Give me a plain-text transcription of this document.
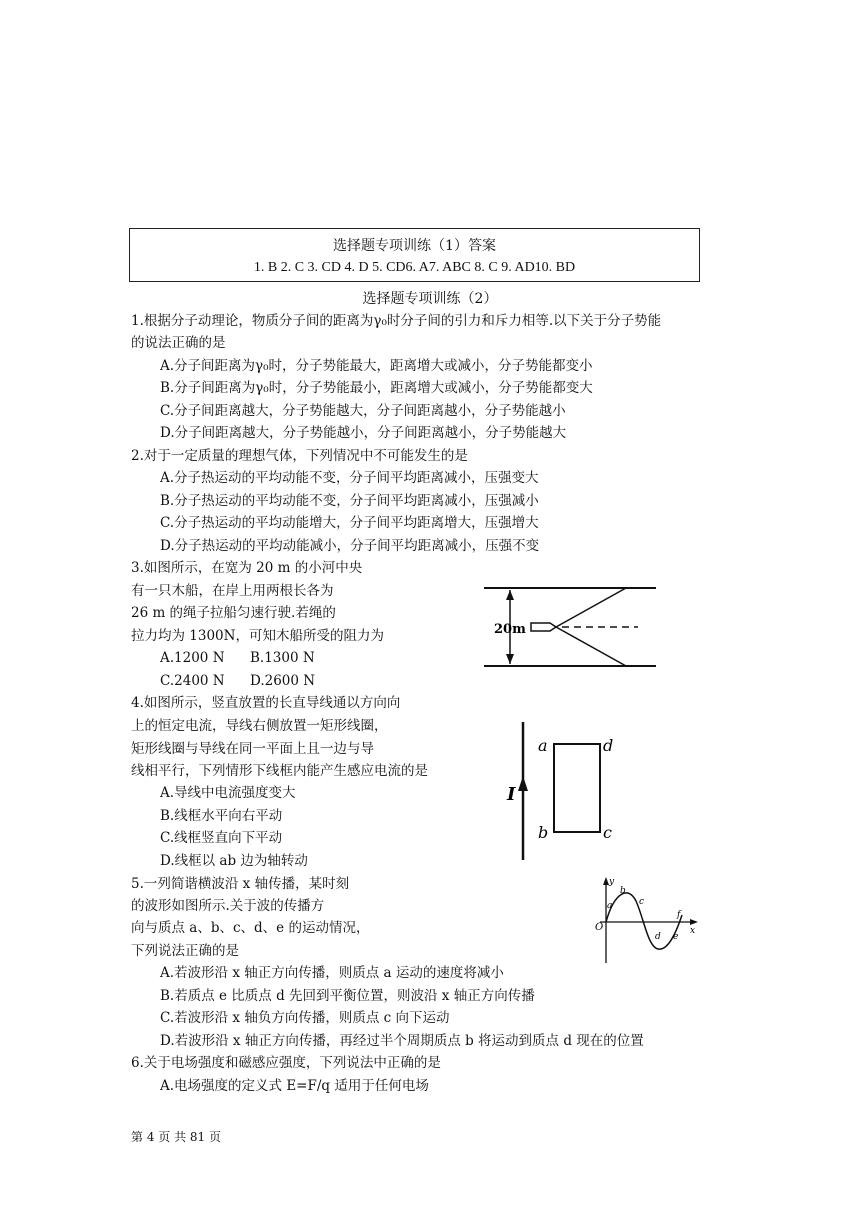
选择题专项训练（1）答案
1. B 2. C 3. CD 4. D 5. CD6. A7. ABC 8. C 9. AD10. BD
选择题专项训练（2）
1.根据分子动理论，物质分子间的距离为γ₀时分子间的引力和斥力相等.以下关于分子势能
的说法正确的是
A.分子间距离为γ₀时，分子势能最大，距离增大或减小，分子势能都变小
B.分子间距离为γ₀时，分子势能最小，距离增大或减小，分子势能都变大
C.分子间距离越大，分子势能越大，分子间距离越小，分子势能越小
D.分子间距离越大，分子势能越小，分子间距离越小，分子势能越大
2.对于一定质量的理想气体，下列情况中不可能发生的是
A.分子热运动的平均动能不变，分子间平均距离减小，压强变大
B.分子热运动的平均动能不变，分子间平均距离减小，压强减小
C.分子热运动的平均动能增大，分子间平均距离增大，压强增大
D.分子热运动的平均动能减小，分子间平均距离减小，压强不变
3.如图所示，在宽为 20 m 的小河中央
有一只木船，在岸上用两根长各为
26 m 的绳子拉船匀速行驶.若绳的
拉力均为 1300N，可知木船所受的阻力为
A.1200 N B.1300 N
C.2400 N D.2600 N
20m
4.如图所示，竖直放置的长直导线通以方向向
上的恒定电流，导线右侧放置一矩形线圈，
矩形线圈与导线在同一平面上且一边与导
线相平行，下列情形下线框内能产生感应电流的是
A.导线中电流强度变大
B.线框水平向右平动
C.线框竖直向下平动
D.线框以 ab 边为轴转动
I
a	d
b	c
5.一列简谐横波沿 x 轴传播，某时刻
的波形如图所示.关于波的传播方
向与质点 a、b、c、d、e 的运动情况，
下列说法正确的是
A.若波形沿 x 轴正方向传播，则质点 a 运动的速度将减小
B.若质点 e 比质点 d 先回到平衡位置，则波沿 x 轴正方向传播
C.若波形沿 x 轴负方向传播，则质点 c 向下运动
D.若波形沿 x 轴正方向传播，再经过半个周期质点 b 将运动到质点 d 现在的位置
y
x
O
a
b
c
d e
f
6.关于电场强度和磁感应强度，下列说法中正确的是
A.电场强度的定义式 E=F/q 适用于任何电场
第 4 页 共 81 页
